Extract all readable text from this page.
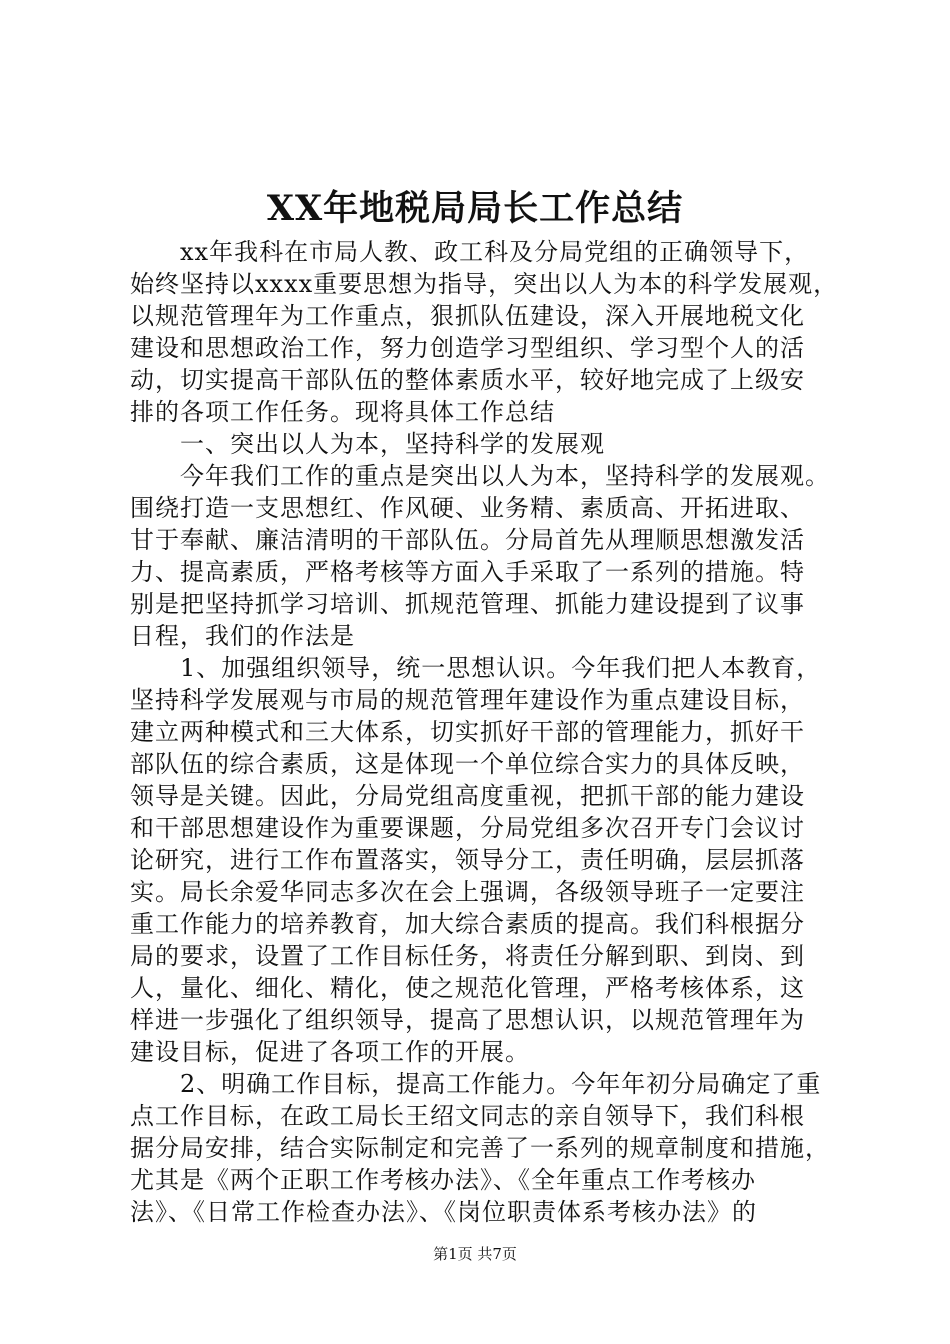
XX年地税局局长工作总结

　　xx年我科在市局人教、政工科及分局党组的正确领导下，

始终坚持以xxxx重要思想为指导，突出以人为本的科学发展观，

以规范管理年为工作重点，狠抓队伍建设，深入开展地税文化

建设和思想政治工作，努力创造学习型组织、学习型个人的活

动，切实提高干部队伍的整体素质水平，较好地完成了上级安

排的各项工作任务。现将具体工作总结

　　一、突出以人为本，坚持科学的发展观

　　今年我们工作的重点是突出以人为本，坚持科学的发展观。

围绕打造一支思想红、作风硬、业务精、素质高、开拓进取、

甘于奉献、廉洁清明的干部队伍。分局首先从理顺思想激发活

力、提高素质，严格考核等方面入手采取了一系列的措施。特

别是把坚持抓学习培训、抓规范管理、抓能力建设提到了议事

日程，我们的作法是

　　1、加强组织领导，统一思想认识。今年我们把人本教育，

坚持科学发展观与市局的规范管理年建设作为重点建设目标，

建立两种模式和三大体系，切实抓好干部的管理能力，抓好干

部队伍的综合素质，这是体现一个单位综合实力的具体反映，

领导是关键。因此，分局党组高度重视，把抓干部的能力建设

和干部思想建设作为重要课题，分局党组多次召开专门会议讨

论研究，进行工作布置落实，领导分工，责任明确，层层抓落

实。局长余爱华同志多次在会上强调，各级领导班子一定要注

重工作能力的培养教育，加大综合素质的提高。我们科根据分

局的要求，设置了工作目标任务，将责任分解到职、到岗、到

人，量化、细化、精化，使之规范化管理，严格考核体系，这

样进一步强化了组织领导，提高了思想认识，以规范管理年为

建设目标，促进了各项工作的开展。

　　2、明确工作目标，提高工作能力。今年年初分局确定了重

点工作目标，在政工局长王绍文同志的亲自领导下，我们科根

据分局安排，结合实际制定和完善了一系列的规章制度和措施，

尤其是《两个正职工作考核办法》、《全年重点工作考核办

法》、《日常工作检查办法》、《岗位职责体系考核办法》的

第1页 共7页
